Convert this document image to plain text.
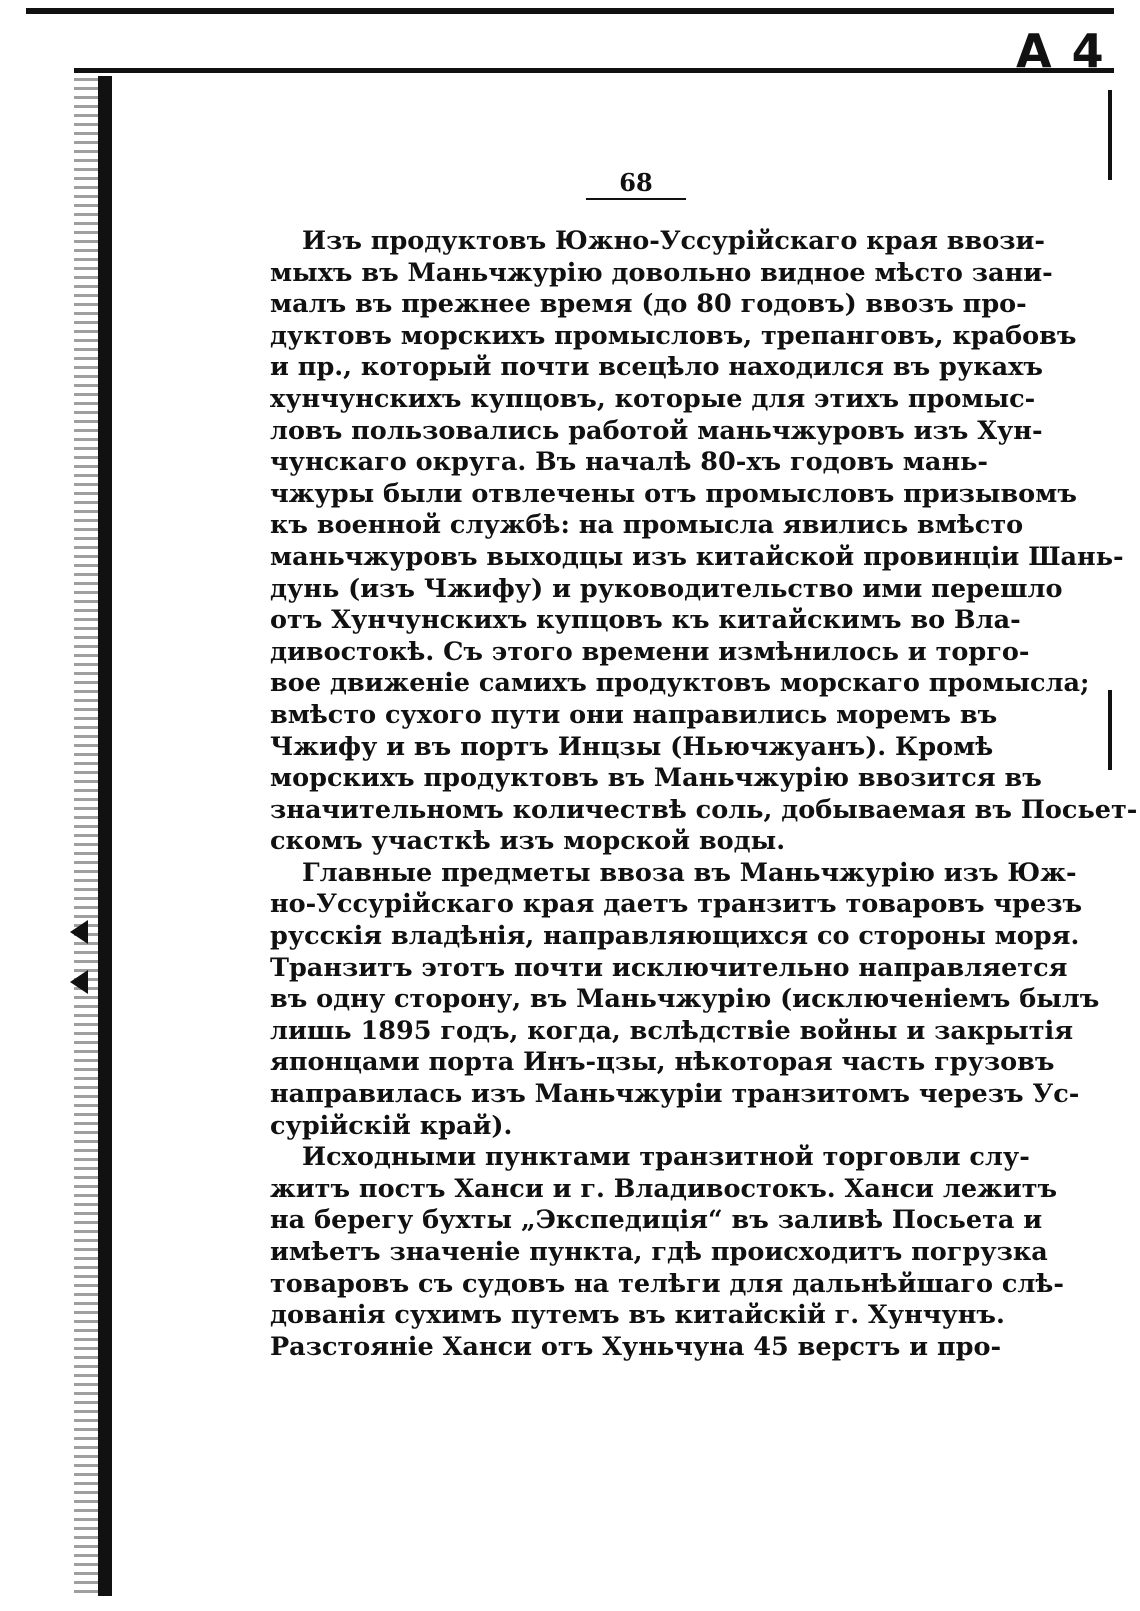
A 4
68
Изъ продуктовъ Южно-Уссурійскаго края ввози-
мыхъ въ Маньчжурію довольно видное мѣсто зани-
малъ въ прежнее время (до 80 годовъ) ввозъ про-
дуктовъ морскихъ промысловъ, трепанговъ, крабовъ
и пр., который почти всецѣло находился въ рукахъ
хунчунскихъ купцовъ, которые для этихъ промыс-
ловъ пользовались работой маньчжуровъ изъ Хун-
чунскаго округа. Въ началѣ 80-хъ годовъ мань-
чжуры были отвлечены отъ промысловъ призывомъ
къ военной службѣ: на промысла явились вмѣсто
маньчжуровъ выходцы изъ китайской провинціи Шань-
дунь (изъ Чжифу) и руководительство ими перешло
отъ Хунчунскихъ купцовъ къ китайскимъ во Вла-
дивостокѣ. Съ этого времени измѣнилось и торго-
вое движеніе самихъ продуктовъ морскаго промысла;
вмѣсто сухого пути они направились моремъ въ
Чжифу и въ портъ Инцзы (Ньючжуанъ). Кромѣ
морскихъ продуктовъ въ Маньчжурію ввозится въ
значительномъ количествѣ соль, добываемая въ Посьет-
скомъ участкѣ изъ морской воды.
Главные предметы ввоза въ Маньчжурію изъ Юж-
но-Уссурійскаго края даетъ транзитъ товаровъ чрезъ
русскія владѣнія, направляющихся со стороны моря.
Транзитъ этотъ почти исключительно направляется
въ одну сторону, въ Маньчжурію (исключеніемъ былъ
лишь 1895 годъ, когда, вслѣдствіе войны и закрытія
японцами порта Инъ-цзы, нѣкоторая часть грузовъ
направилась изъ Маньчжуріи транзитомъ черезъ Ус-
сурійскій край).
Исходными пунктами транзитной торговли слу-
житъ постъ Ханси и г. Владивостокъ. Ханси лежитъ
на берегу бухты „Экспедиція“ въ заливѣ Посьета и
имѣетъ значеніе пункта, гдѣ происходитъ погрузка
товаровъ съ судовъ на телѣги для дальнѣйшаго слѣ-
дованія сухимъ путемъ въ китайскій г. Хунчунъ.
Разстояніе Ханси отъ Хуньчуна 45 верстъ и про-
